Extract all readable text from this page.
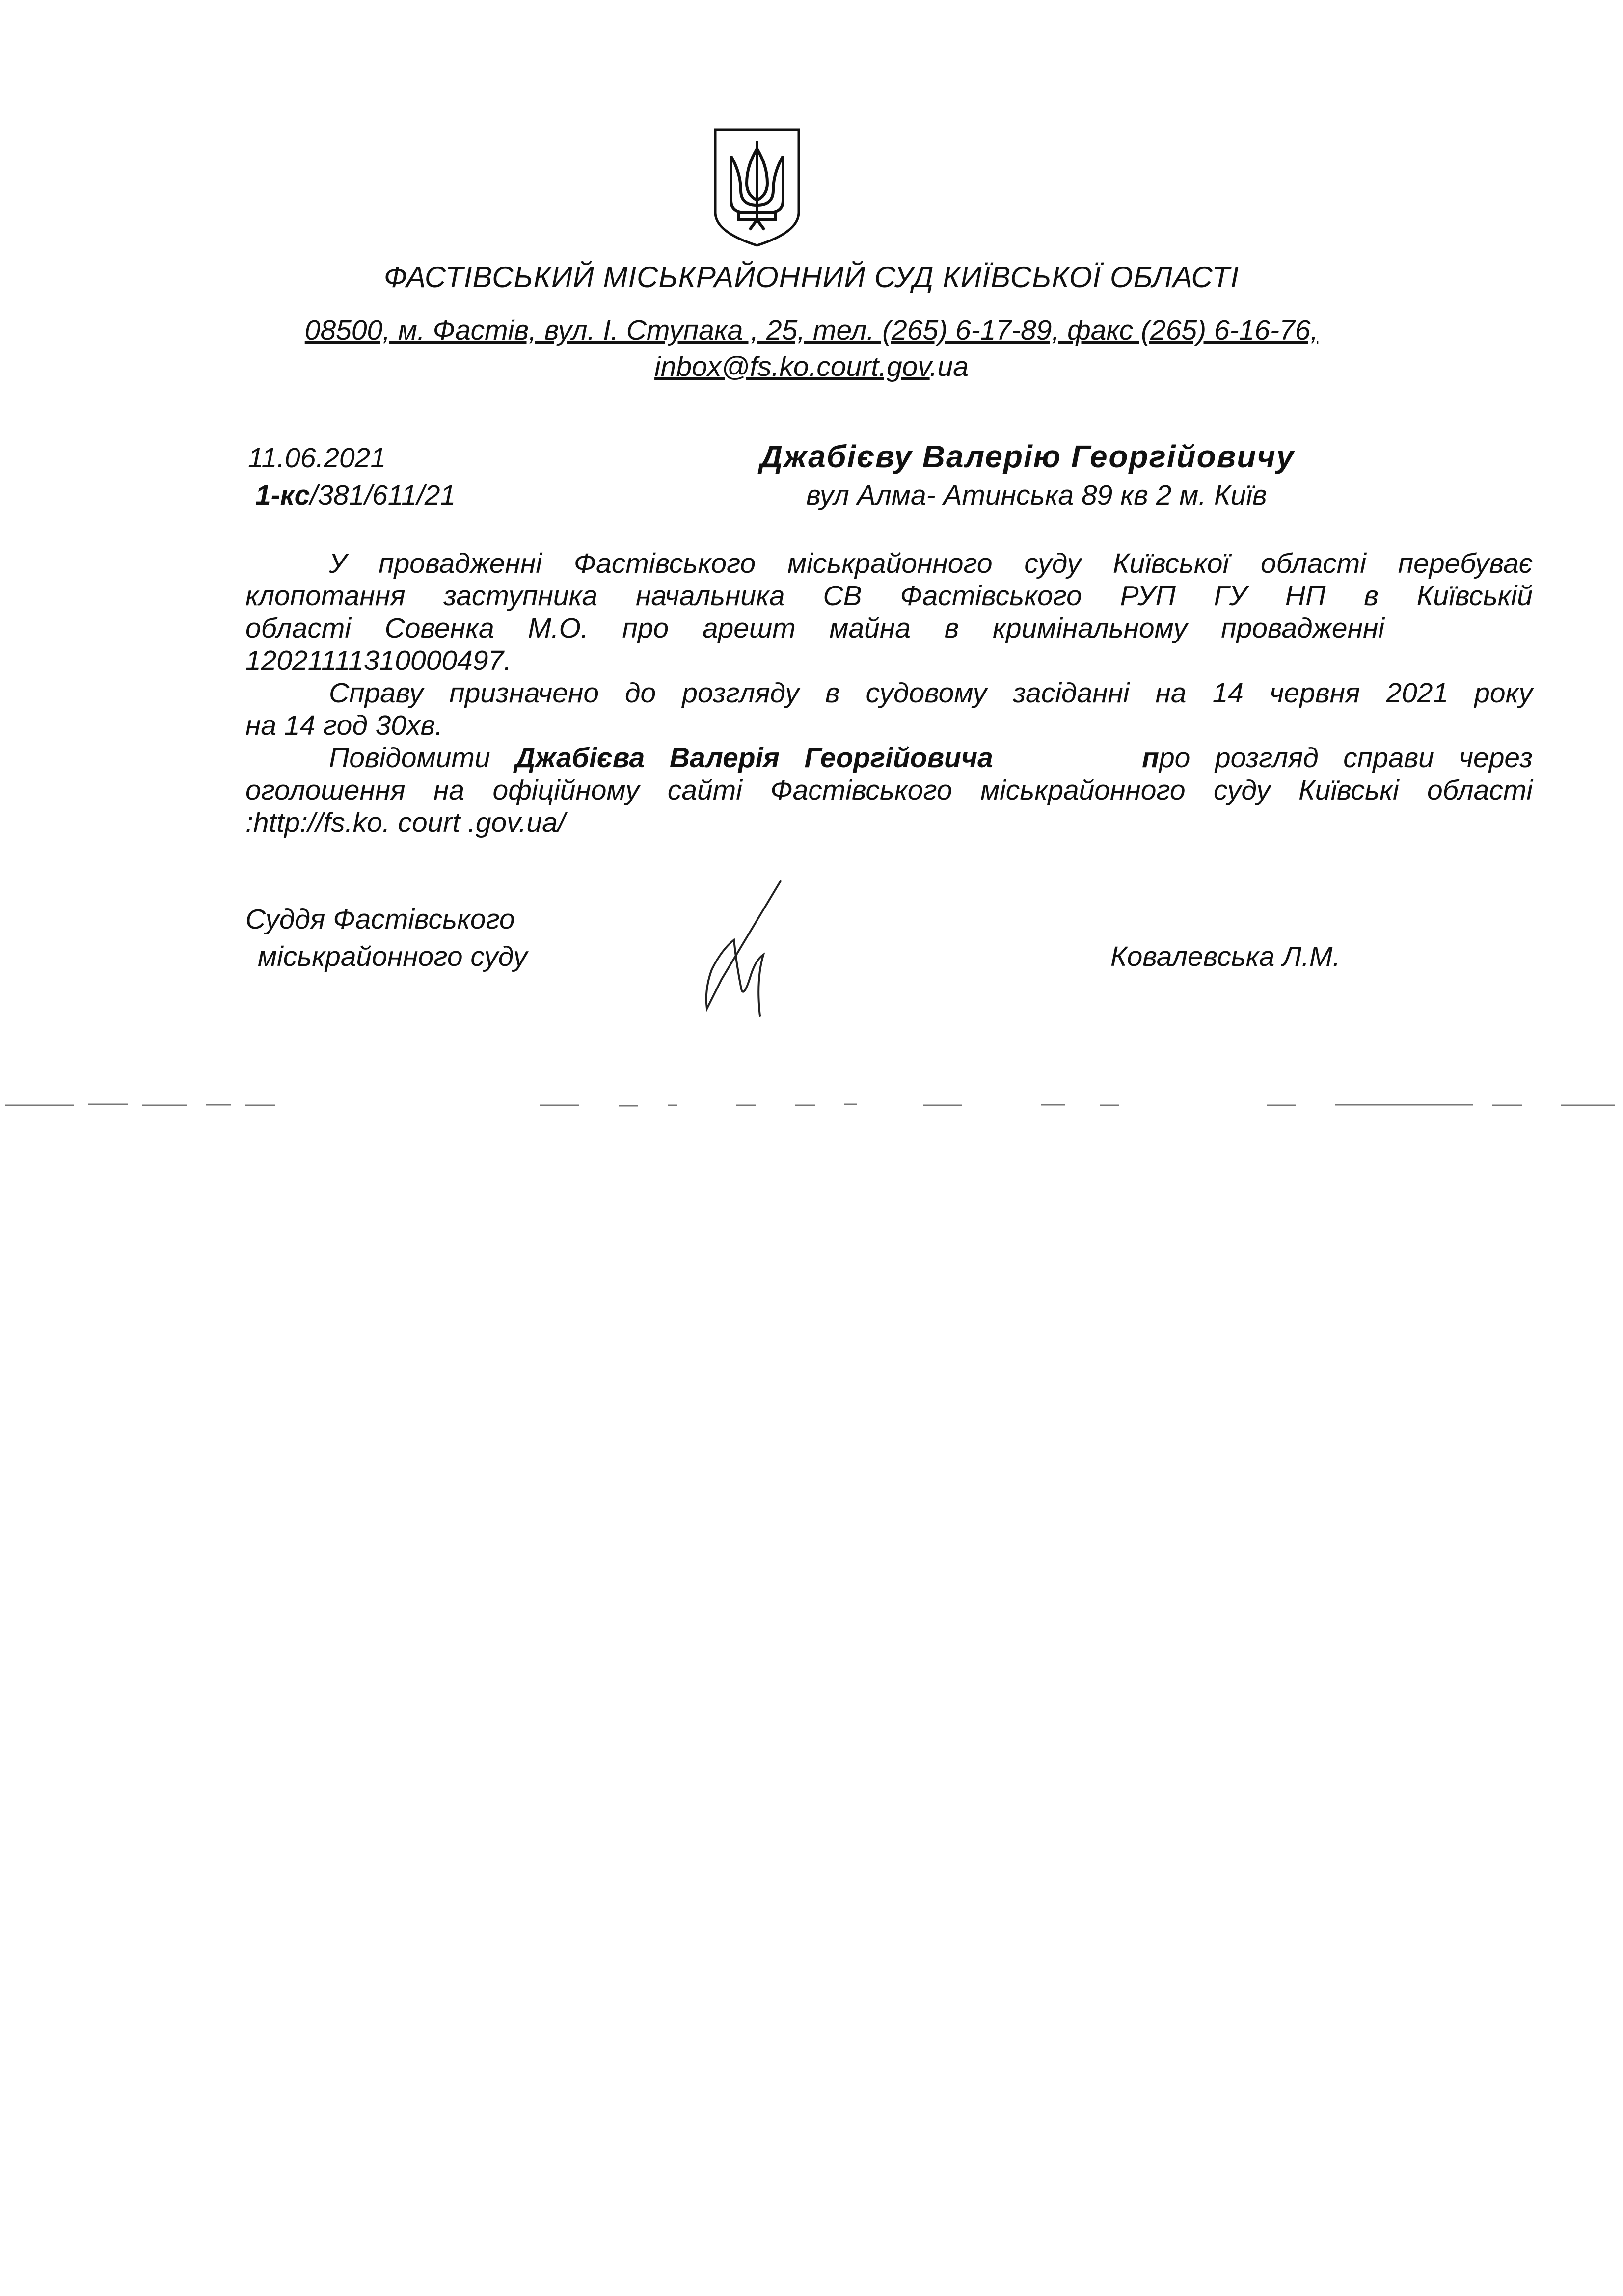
ФАСТІВСЬКИЙ МІСЬКРАЙОННИЙ СУД КИЇВСЬКОЇ ОБЛАСТІ
08500, м. Фастів, вул. І. Ступака , 25, тел. (265) 6-17-89, факс (265) 6-16-76,
inbox@fs.ko.court.gov.ua
11.06.2021
1-кс/381/611/21
Джабієву Валерію Георгійовичу
вул Алма- Атинська 89 кв 2 м. Київ

У провадженні Фастівського міськрайонного суду Київської області перебуває

клопотання заступника начальника СВ Фастівського РУП ГУ НП в Київській

області Совенка М.О. про арешт майна в кримінальному провадженні

12021111310000497.

Справу призначено до розгляду в судовому засіданні на 14 червня 2021 року

на 14 год 30хв.

Повідомити Джабієва Валерія Георгійовича	про розгляд справи через

оголошення на офіційному сайті Фастівського міськрайонного суду Київські області

:http://fs.ko. court .gov.ua/

Суддя Фастівського
міськрайонного суду	Ковалевська Л.М.
